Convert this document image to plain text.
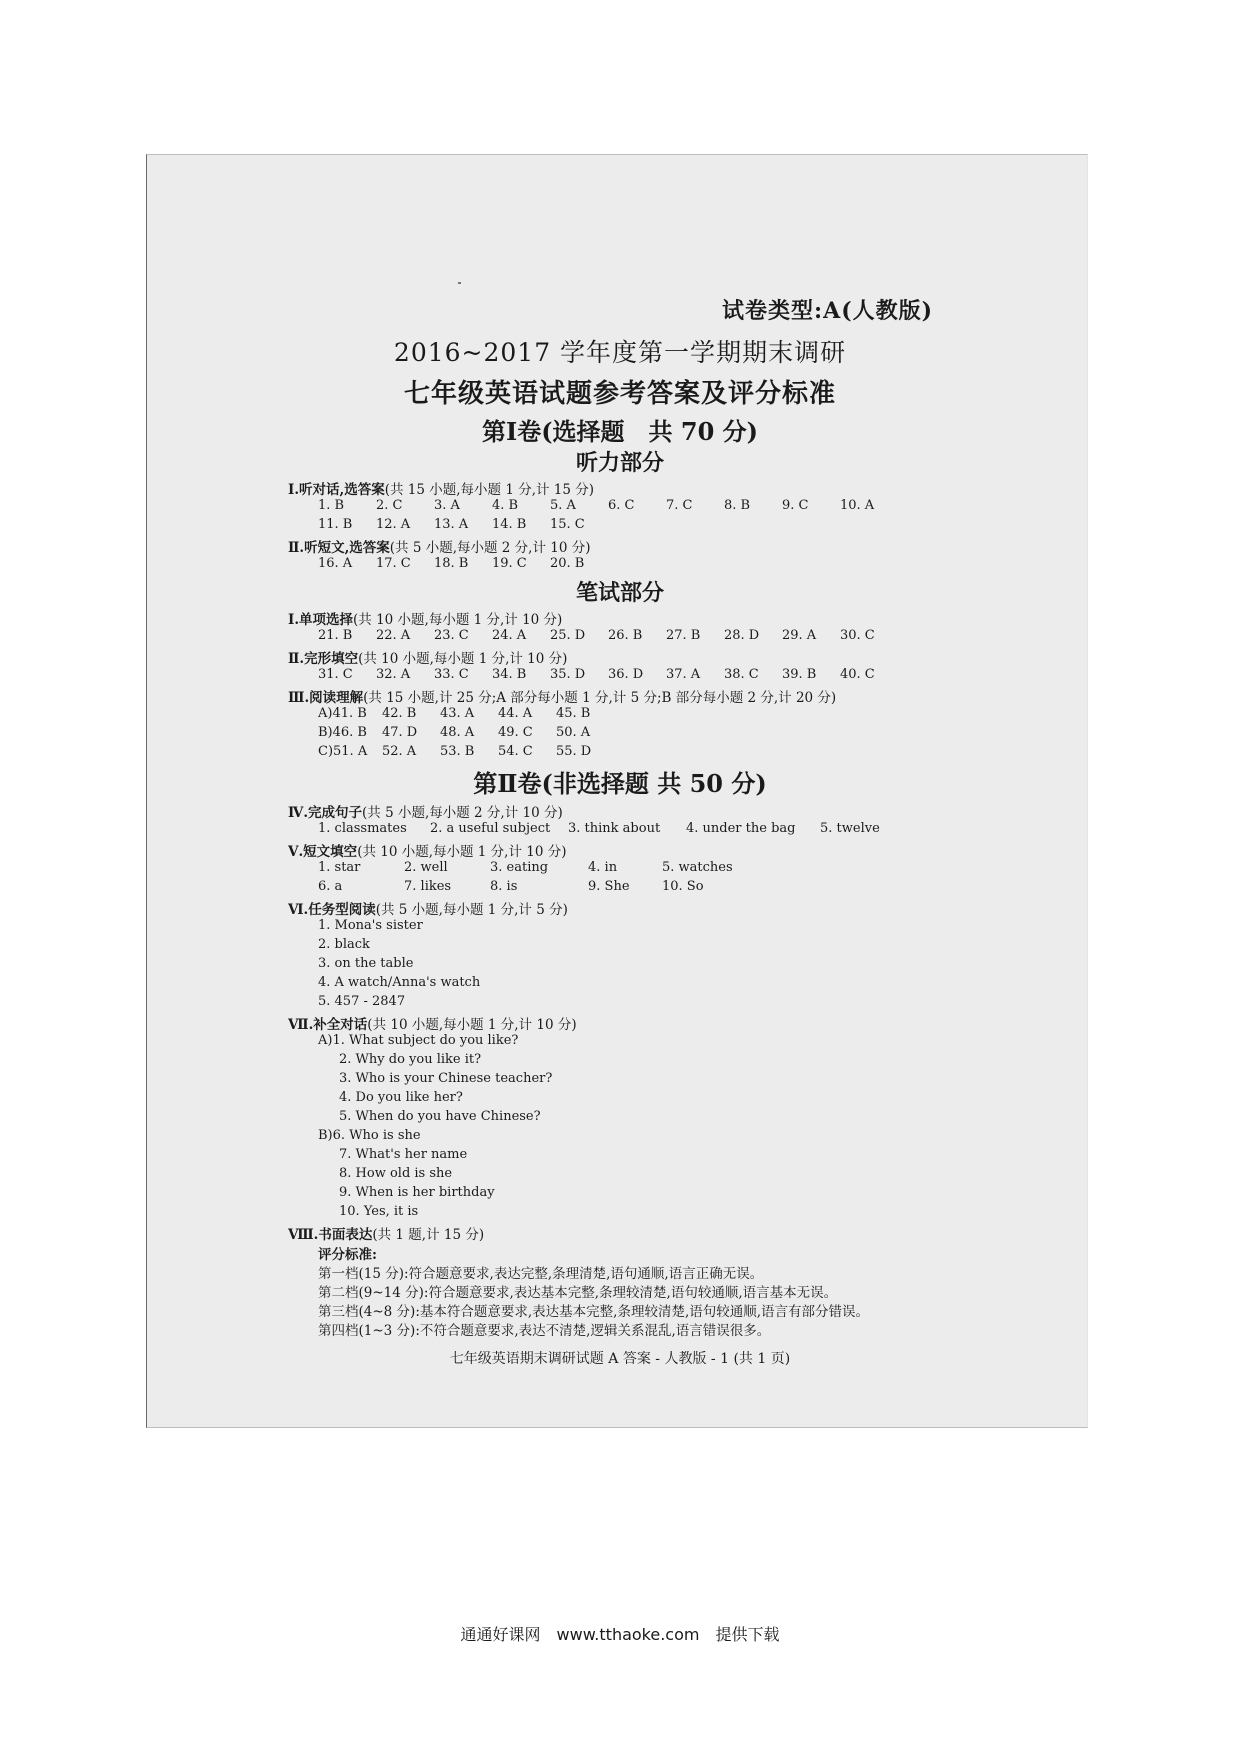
试卷类型:A(人教版)
2016~2017 学年度第一学期期末调研
七年级英语试题参考答案及评分标准
第Ⅰ卷(选择题　共 70 分)
听力部分
Ⅰ.听对话,选答案(共 15 小题,每小题 1 分,计 15 分)
1. B 2. C 3. A 4. B 5. A 6. C 7. C 8. B 9. C 10. A
11. B 12. A 13. A 14. B 15. C
Ⅱ.听短文,选答案(共 5 小题,每小题 2 分,计 10 分)
16. A 17. C 18. B 19. C 20. B
笔试部分
Ⅰ.单项选择(共 10 小题,每小题 1 分,计 10 分)
21. B 22. A 23. C 24. A 25. D 26. B 27. B 28. D 29. A 30. C
Ⅱ.完形填空(共 10 小题,每小题 1 分,计 10 分)
31. C 32. A 33. C 34. B 35. D 36. D 37. A 38. C 39. B 40. C
Ⅲ.阅读理解(共 15 小题,计 25 分;A 部分每小题 1 分,计 5 分;B 部分每小题 2 分,计 20 分)
A)41. B 42. B 43. A 44. A 45. B
B)46. B 47. D 48. A 49. C 50. A
C)51. A 52. A 53. B 54. C 55. D
第Ⅱ卷(非选择题 共 50 分)
Ⅳ.完成句子(共 5 小题,每小题 2 分,计 10 分)
1. classmates 2. a useful subject 3. think about 4. under the bag 5. twelve
Ⅴ.短文填空(共 10 小题,每小题 1 分,计 10 分)
1. star	2. well	3. eating	4. in	5. watches
6. a	7. likes	8. is	9. She 10. So
Ⅵ.任务型阅读(共 5 小题,每小题 1 分,计 5 分)
1. Mona's sister
2. black
3. on the table
4. A watch/Anna's watch
5. 457 - 2847
Ⅶ.补全对话(共 10 小题,每小题 1 分,计 10 分)
A)1. What subject do you like?
2. Why do you like it?
3. Who is your Chinese teacher?
4. Do you like her?
5. When do you have Chinese?
B)6. Who is she
7. What's her name
8. How old is she
9. When is her birthday
10. Yes, it is
Ⅷ.书面表达(共 1 题,计 15 分)
评分标准:
第一档(15 分):符合题意要求,表达完整,条理清楚,语句通顺,语言正确无误。
第二档(9~14 分):符合题意要求,表达基本完整,条理较清楚,语句较通顺,语言基本无误。
第三档(4~8 分):基本符合题意要求,表达基本完整,条理较清楚,语句较通顺,语言有部分错误。
第四档(1~3 分):不符合题意要求,表达不清楚,逻辑关系混乱,语言错误很多。
七年级英语期末调研试题 A 答案 - 人教版 - 1 (共 1 页)
通通好课网　www.tthaoke.com　提供下载
